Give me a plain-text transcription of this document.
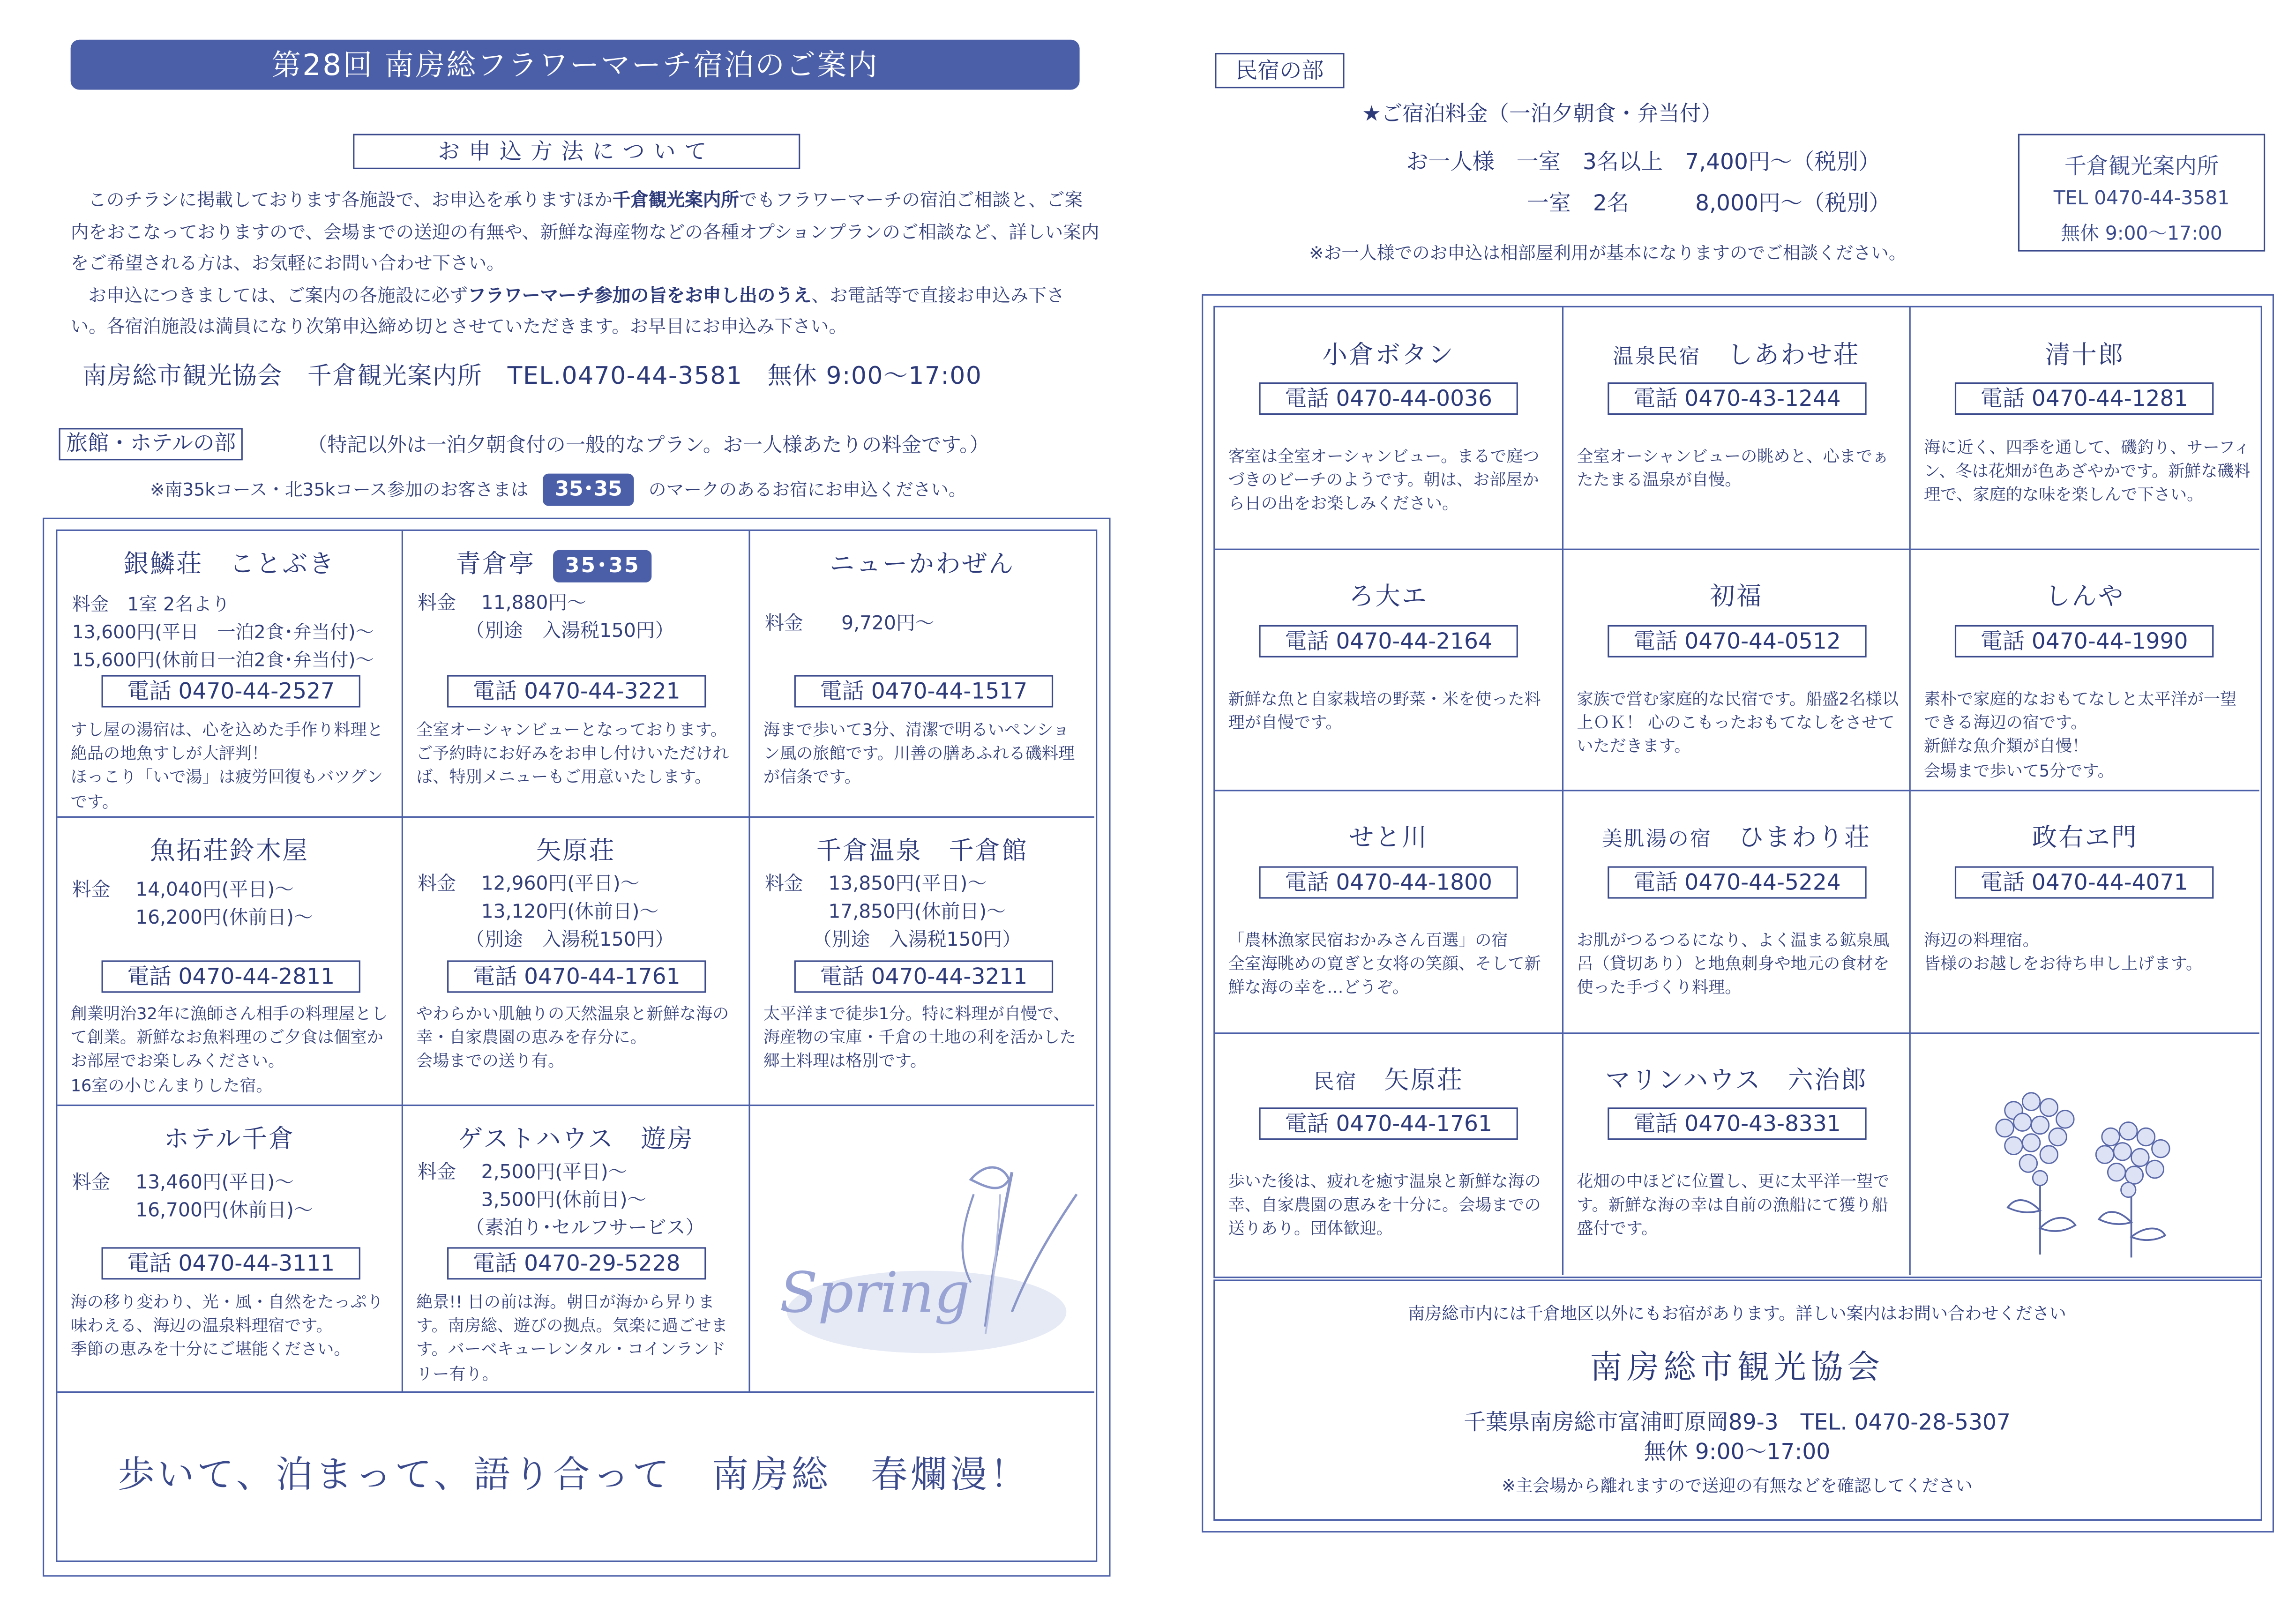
第28回 南房総フラワーマーチ宿泊のご案内
お申込方法について

このチラシに掲載しております各施設で、お申込を承りますほか千倉観光案内所でもフラワーマーチの宿泊ご相談と、ご案内をおこなっておりますので、会場までの送迎の有無や、新鮮な海産物などの各種オプションプランのご相談など、詳しい案内をご希望される方は、お気軽にお問い合わせ下さい。

お申込につきましては、ご案内の各施設に必ずフラワーマーチ参加の旨をお申し出のうえ、お電話等で直接お申込み下さい。各宿泊施設は満員になり次第申込締め切とさせていただきます。お早目にお申込み下さい。

南房総市観光協会　千倉観光案内所　TEL.0470-44-3581　無休 9:00～17:00
旅館・ホテルの部	（特記以外は一泊夕朝食付の一般的なプラン。お一人様あたりの料金です。）
※南35kコース・北35kコース参加のお客さまは	35･35	のマークのあるお宿にお申込ください。
銀鱗荘　ことぶき
料金　1室 2名より
13,600円(平日　一泊2食･弁当付)～
15,600円(休前日一泊2食･弁当付)～
電話 0470-44-2527
すし屋の湯宿は、心を込めた手作り料理と絶品の地魚すしが大評判！
ほっこり「いで湯」は疲労回復もバツグンです。
青倉亭	35･35
料金　 11,880円～
　　　（別途　入湯税150円）
電話 0470-44-3221
全室オーシャンビューとなっております。ご予約時にお好みをお申し付けいただければ、特別メニューもご用意いたします。
ニューかわぜん
料金　　9,720円～
電話 0470-44-1517
海まで歩いて3分、清潔で明るいペンション風の旅館です。川善の膳あふれる磯料理が信条です。
魚拓荘鈴木屋
料金　 14,040円(平日)～
　　　 16,200円(休前日)～
電話 0470-44-2811
創業明治32年に漁師さん相手の料理屋として創業。新鮮なお魚料理のご夕食は個室かお部屋でお楽しみください。
16室の小じんまりした宿。
矢原荘
料金　 12,960円(平日)～
　　　 13,120円(休前日)～
　　　（別途　入湯税150円）
電話 0470-44-1761
やわらかい肌触りの天然温泉と新鮮な海の幸・自家農園の恵みを存分に。
会場までの送り有。
千倉温泉　千倉館
料金　 13,850円(平日)～
　　　 17,850円(休前日)～
　　　（別途　入湯税150円）
電話 0470-44-3211
太平洋まで徒歩1分。特に料理が自慢で、海産物の宝庫・千倉の土地の利を活かした郷土料理は格別です。
ホテル千倉
料金　 13,460円(平日)～
　　　 16,700円(休前日)～
電話 0470-44-3111
海の移り変わり、光・風・自然をたっぷり味わえる、海辺の温泉料理宿です。
季節の恵みを十分にご堪能ください。
ゲストハウス　遊房
料金　 2,500円(平日)～
　　　 3,500円(休前日)～
　　　（素泊り･セルフサービス）
電話 0470-29-5228
絶景!! 目の前は海。朝日が海から昇ります。南房総、遊びの拠点。気楽に過ごせます。バーベキューレンタル・コインランドリー有り。
Spring
歩いて、泊まって、語り合って　南房総　春爛漫！
民宿の部
★ご宿泊料金（一泊夕朝食・弁当付）
お一人様　一室　3名以上　7,400円～（税別）
一室　2名　　　8,000円～（税別）
※お一人様でのお申込は相部屋利用が基本になりますのでご相談ください。
千倉観光案内所
TEL 0470-44-3581
無休 9:00～17:00
小倉ボタン
電話 0470-44-0036
客室は全室オーシャンビュー。まるで庭つづきのビーチのようです。朝は、お部屋から日の出をお楽しみください。
温泉民宿　	しあわせ荘
電話 0470-43-1244
全室オーシャンビューの眺めと、心までぁたたまる温泉が自慢。
清十郎
電話 0470-44-1281
海に近く、四季を通して、磯釣り、サーフィン、冬は花畑が色あざやかです。新鮮な磯料理で、家庭的な味を楽しんで下さい。
ろ大エ
電話 0470-44-2164
新鮮な魚と自家栽培の野菜・米を使った料理が自慢です。
初福
電話 0470-44-0512
家族で営む家庭的な民宿です。船盛2名様以上ＯＫ！ 心のこもったおもてなしをさせていただきます。
しんや
電話 0470-44-1990
素朴で家庭的なおもてなしと太平洋が一望できる海辺の宿です。
新鮮な魚介類が自慢！
会場まで歩いて5分です。
せと川
電話 0470-44-1800
「農林漁家民宿おかみさん百選」の宿
全室海眺めの寛ぎと女将の笑顔、そして新鮮な海の幸を…どうぞ。
美肌湯の宿　	ひまわり荘
電話 0470-44-5224
お肌がつるつるになり、よく温まる鉱泉風呂（貸切あり）と地魚刺身や地元の食材を使った手づくり料理。
政右ヱ門
電話 0470-44-4071
海辺の料理宿。
皆様のお越しをお待ち申し上げます。
民宿　	矢原荘
電話 0470-44-1761
歩いた後は、疲れを癒す温泉と新鮮な海の幸、自家農園の恵みを十分に。会場までの送りあり。団体歓迎。
マリンハウス　六治郎
電話 0470-43-8331
花畑の中ほどに位置し、更に太平洋一望です。新鮮な海の幸は自前の漁船にて獲り船盛付です。
南房総市内には千倉地区以外にもお宿があります。詳しい案内はお問い合わせください
南房総市観光協会
千葉県南房総市富浦町原岡89-3　TEL. 0470-28-5307
無休 9:00～17:00
※主会場から離れますので送迎の有無などを確認してください
